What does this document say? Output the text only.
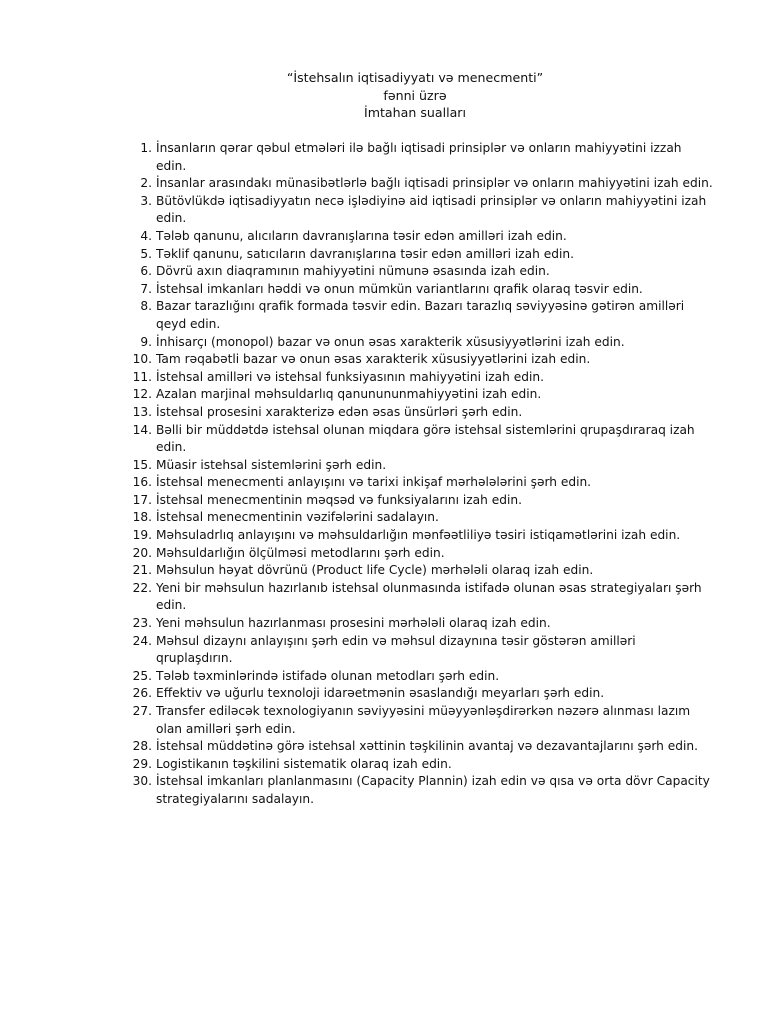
“İstehsalın iqtisadiyyatı və menecmenti”
fənni üzrə
İmtahan sualları
1. İnsanların qərar qəbul etmələri ilə bağlı iqtisadi prinsiplər və onların mahiyyətini izzah edin.
2. İnsanlar arasındakı münasibətlərlə bağlı iqtisadi prinsiplər və onların mahiyyətini izah edin.
3. Bütövlükdə iqtisadiyyatın necə işlədiyinə aid iqtisadi prinsiplər və onların mahiyyətini izah edin.
4. Tələb qanunu, alıcıların davranışlarına təsir edən amilləri izah edin.
5. Təklif qanunu, satıcıların davranışlarına təsir edən amilləri izah edin.
6. Dövrü axın diaqramının mahiyyətini nümunə əsasında izah edin.
7. İstehsal imkanları həddi və onun mümkün variantlarını qrafik olaraq təsvir edin.
8. Bazar tarazlığını qrafik formada təsvir edin. Bazarı tarazlıq səviyyəsinə gətirən amilləri qeyd edin.
9. İnhisarçı (monopol) bazar və onun əsas xarakterik xüsusiyyətlərini izah edin.
10. Tam rəqabətli bazar və onun əsas xarakterik xüsusiyyətlərini izah edin.
11. İstehsal amilləri və istehsal funksiyasının mahiyyətini izah edin.
12. Azalan marjinal məhsuldarlıq qanunununmahiyyətini izah edin.
13. İstehsal prosesini xarakterizə edən əsas ünsürləri şərh edin.
14. Bəlli bir müddətdə istehsal olunan miqdara görə istehsal sistemlərini qrupaşdıraraq izah edin.
15. Müasir istehsal sistemlərini şərh edin.
16. İstehsal menecmenti anlayışını və tarixi inkişaf mərhələlərini şərh edin.
17. İstehsal menecmentinin məqsəd və funksiyalarını izah edin.
18. İstehsal menecmentinin vəzifələrini sadalayın.
19. Məhsuladrlıq anlayışını və məhsuldarlığın mənfəətliliyə təsiri istiqamətlərini izah edin.
20. Məhsuldarlığın ölçülməsi metodlarını şərh edin.
21. Məhsulun həyat dövrünü (Product life Cycle) mərhələli olaraq izah edin.
22. Yeni bir məhsulun hazırlanıb istehsal olunmasında istifadə olunan əsas strategiyaları şərh edin.
23. Yeni məhsulun hazırlanması prosesini mərhələli olaraq izah edin.
24. Məhsul dizaynı anlayışını şərh edin və məhsul dizaynına təsir göstərən amilləri qruplaşdırın.
25. Tələb təxminlərində istifadə olunan metodları şərh edin.
26. Effektiv və uğurlu texnoloji idarəetmənin əsaslandığı meyarları şərh edin.
27. Transfer ediləcək texnologiyanın səviyyəsini müəyyənləşdirərkən nəzərə alınması lazım olan amilləri şərh edin.
28. İstehsal müddətinə görə istehsal xəttinin təşkilinin avantaj və dezavantajlarını şərh edin.
29. Logistikanın təşkilini sistematik olaraq izah edin.
30. İstehsal imkanları planlanmasını (Capacity Plannin) izah edin və qısa və orta dövr Capacity strategiyalarını sadalayın.
